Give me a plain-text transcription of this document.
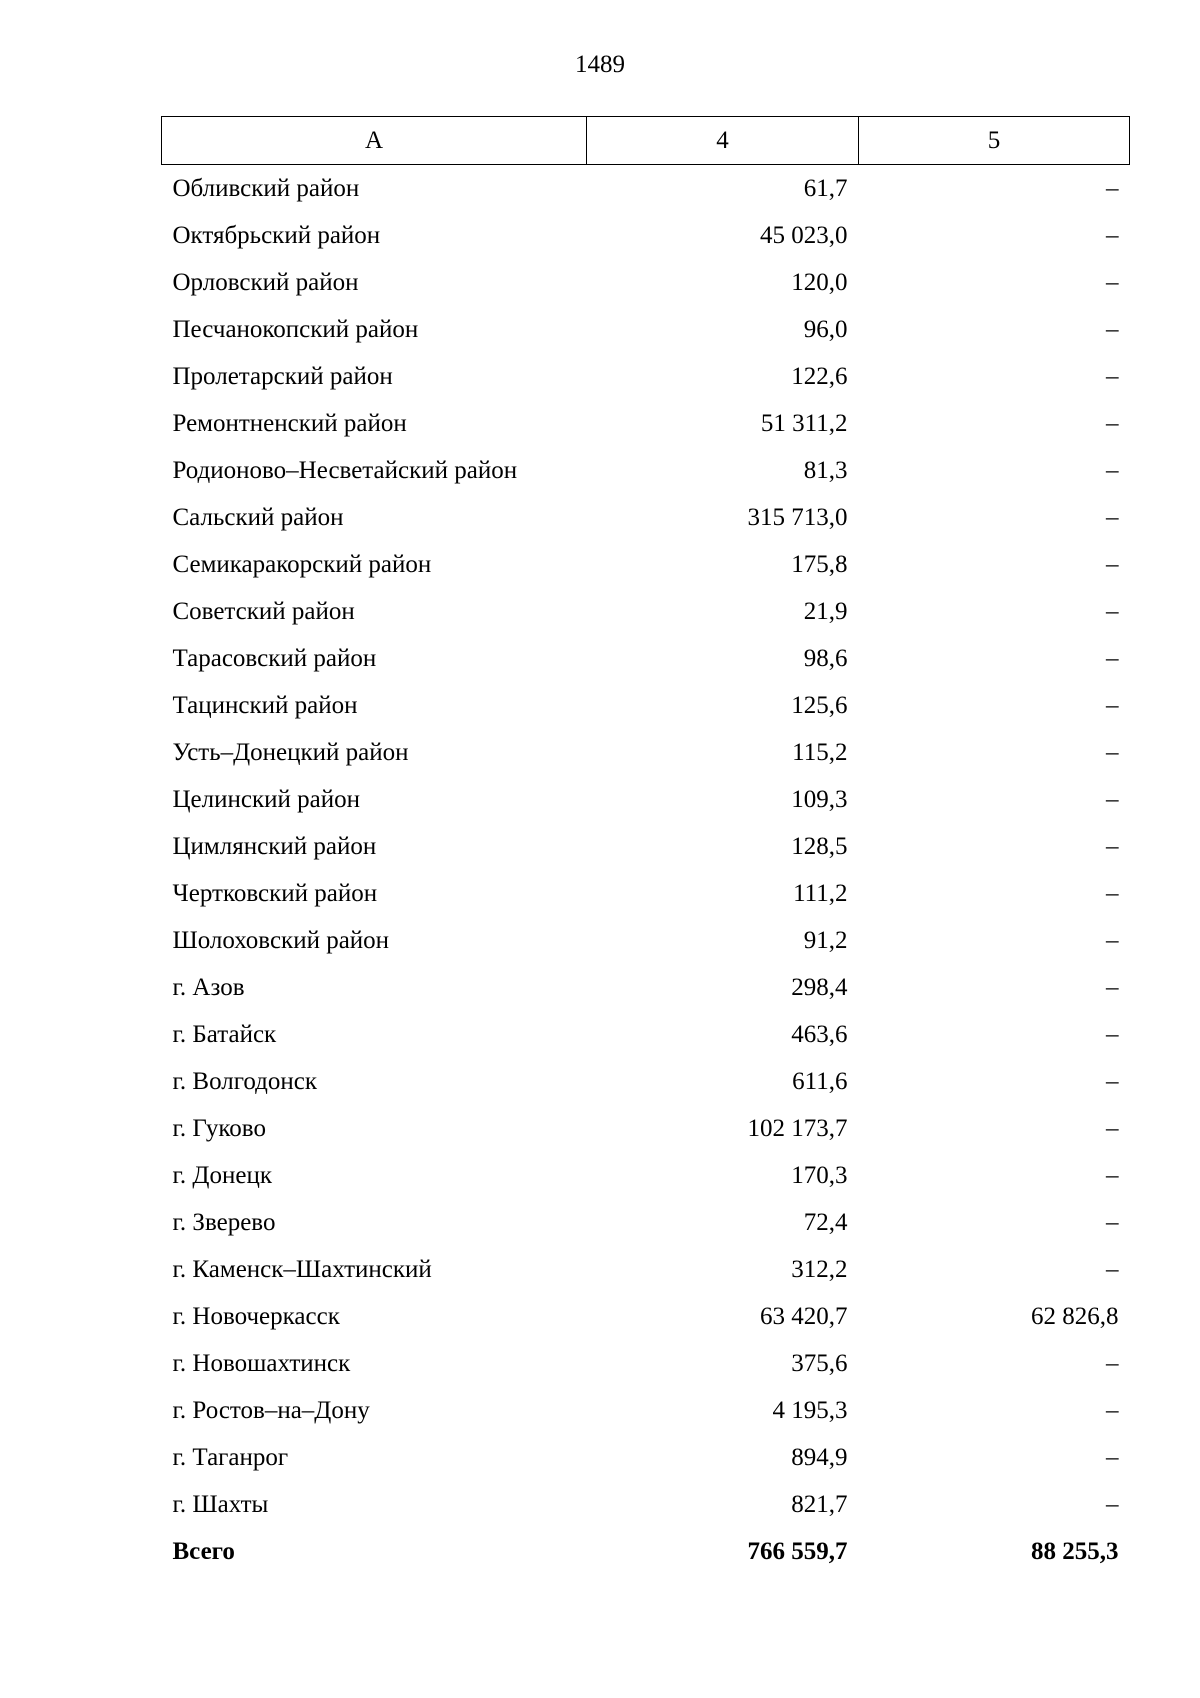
1489
А	4	5
Обливский район	61,7	–
Октябрьский район	45 023,0	–
Орловский район	120,0	–
Песчанокопский район	96,0	–
Пролетарский район	122,6	–
Ремонтненский район	51 311,2	–
Родионово–Несветайский район	81,3	–
Сальский район	315 713,0	–
Семикаракорский район	175,8	–
Советский район	21,9	–
Тарасовский район	98,6	–
Тацинский район	125,6	–
Усть–Донецкий район	115,2	–
Целинский район	109,3	–
Цимлянский район	128,5	–
Чертковский район	111,2	–
Шолоховский район	91,2	–
г. Азов	298,4	–
г. Батайск	463,6	–
г. Волгодонск	611,6	–
г. Гуково	102 173,7	–
г. Донецк	170,3	–
г. Зверево	72,4	–
г. Каменск–Шахтинский	312,2	–
г. Новочеркасск	63 420,7	62 826,8
г. Новошахтинск	375,6	–
г. Ростов–на–Дону	4 195,3	–
г. Таганрог	894,9	–
г. Шахты	821,7	–
Всего	766 559,7	88 255,3
